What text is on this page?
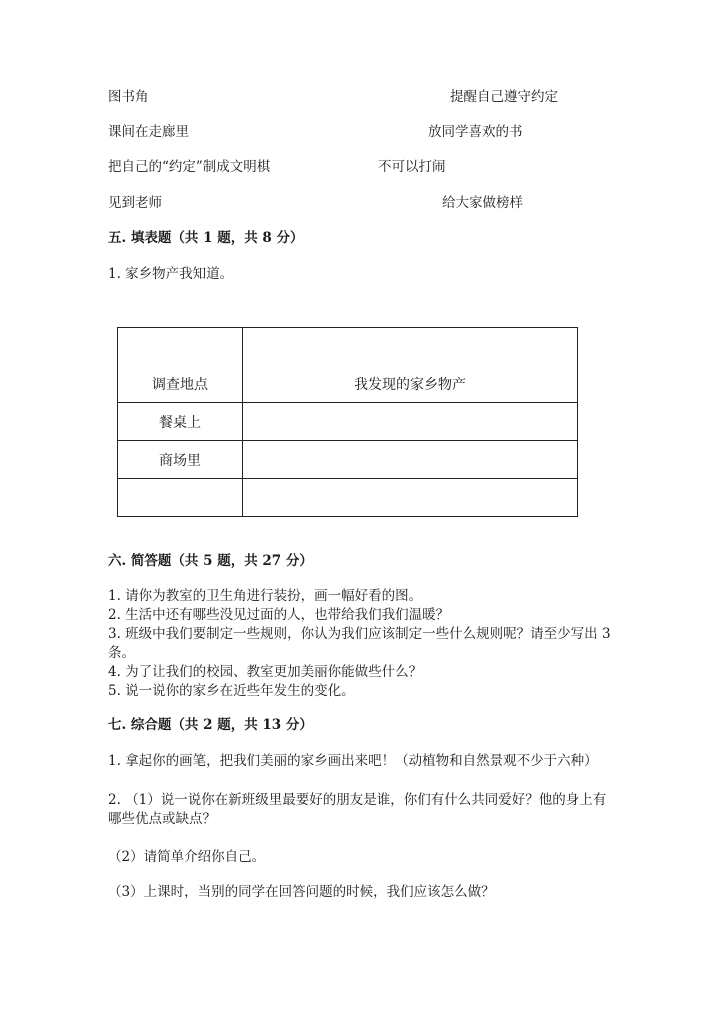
图书角	提醒自己遵守约定
课间在走廊里	放同学喜欢的书
把自己的“约定”制成文明棋	不可以打闹
见到老师	给大家做榜样
五. 填表题（共 1 题，共 8 分）
1. 家乡物产我知道。
调查地点	我发现的家乡物产
餐桌上	
商场里	

六. 简答题（共 5 题，共 27 分）
1. 请你为教室的卫生角进行装扮，画一幅好看的图。
2. 生活中还有哪些没见过面的人，也带给我们我们温暖？
3. 班级中我们要制定一些规则，你认为我们应该制定一些什么规则呢？请至少写出 3 条。
4. 为了让我们的校园、教室更加美丽你能做些什么？
5. 说一说你的家乡在近些年发生的变化。
七. 综合题（共 2 题，共 13 分）
1. 拿起你的画笔，把我们美丽的家乡画出来吧！（动植物和自然景观不少于六种）
2. （1）说一说你在新班级里最要好的朋友是谁，你们有什么共同爱好？他的身上有哪些优点或缺点？
（2）请简单介绍你自己。
（3）上课时，当别的同学在回答问题的时候，我们应该怎么做？
